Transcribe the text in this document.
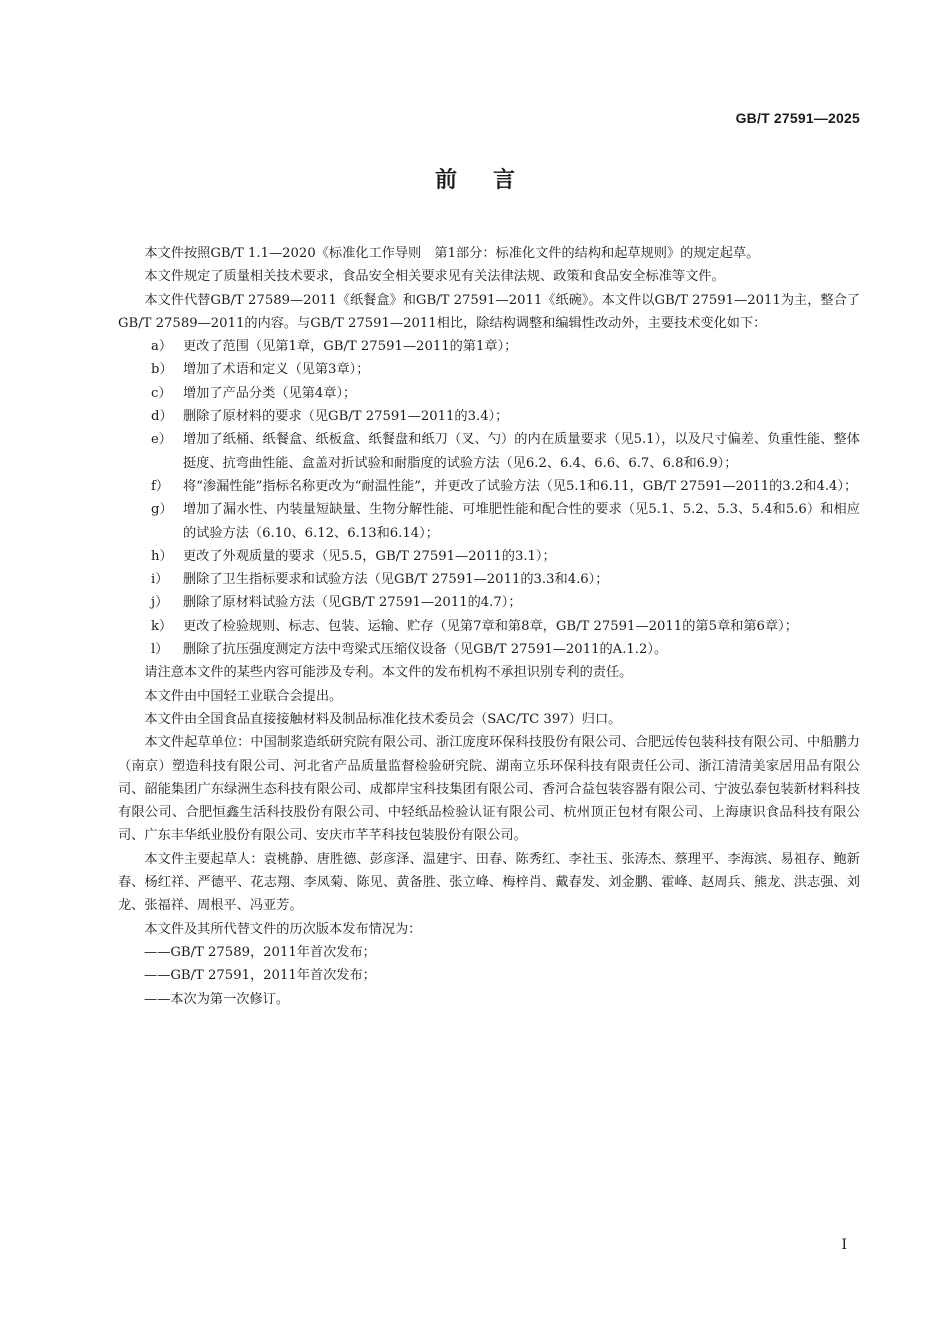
GB/T 27591—2025
前言

本文件按照GB/T 1.1—2020《标准化工作导则　第1部分：标准化文件的结构和起草规则》的规定起草。

本文件规定了质量相关技术要求，食品安全相关要求见有关法律法规、政策和食品安全标准等文件。

本文件代替GB/T 27589—2011《纸餐盒》和GB/T 27591—2011《纸碗》。本文件以GB/T 27591—2011为主，整合了GB/T 27589—2011的内容。与GB/T 27591—2011相比，除结构调整和编辑性改动外，主要技术变化如下：

a） 更改了范围（见第1章，GB/T 27591—2011的第1章）；
b） 增加了术语和定义（见第3章）；
c） 增加了产品分类（见第4章）；
d） 删除了原材料的要求（见GB/T 27591—2011的3.4）；
e） 增加了纸桶、纸餐盒、纸板盒、纸餐盘和纸刀（叉、勺）的内在质量要求（见5.1），以及尺寸偏差、负重性能、整体挺度、抗弯曲性能、盒盖对折试验和耐脂度的试验方法（见6.2、6.4、6.6、6.7、6.8和6.9）；
f）	将“渗漏性能”指标名称更改为“耐温性能”，并更改了试验方法（见5.1和6.11，GB/T 27591—2011的3.2和4.4）；
g） 增加了漏水性、内装量短缺量、生物分解性能、可堆肥性能和配合性的要求（见5.1、5.2、5.3、5.4和5.6）和相应的试验方法（6.10、6.12、6.13和6.14）；
h） 更改了外观质量的要求（见5.5，GB/T 27591—2011的3.1）；
i）	删除了卫生指标要求和试验方法（见GB/T 27591—2011的3.3和4.6）；
j）	删除了原材料试验方法（见GB/T 27591—2011的4.7）；
k） 更改了检验规则、标志、包装、运输、贮存（见第7章和第8章，GB/T 27591—2011的第5章和第6章）；
l）	删除了抗压强度测定方法中弯梁式压缩仪设备（见GB/T 27591—2011的A.1.2）。

请注意本文件的某些内容可能涉及专利。本文件的发布机构不承担识别专利的责任。

本文件由中国轻工业联合会提出。

本文件由全国食品直接接触材料及制品标准化技术委员会（SAC/TC 397）归口。

本文件起草单位：中国制浆造纸研究院有限公司、浙江庞度环保科技股份有限公司、合肥远传包装科技有限公司、中船鹏力（南京）塑造科技有限公司、河北省产品质量监督检验研究院、湖南立乐环保科技有限责任公司、浙江清清美家居用品有限公司、韶能集团广东绿洲生态科技有限公司、成都岸宝科技集团有限公司、香河合益包装容器有限公司、宁波弘泰包装新材料科技有限公司、合肥恒鑫生活科技股份有限公司、中轻纸品检验认证有限公司、杭州顶正包材有限公司、上海康识食品科技有限公司、广东丰华纸业股份有限公司、安庆市芊芊科技包装股份有限公司。

本文件主要起草人：袁桃静、唐胜德、彭彦泽、温建宇、田春、陈秀红、李社玉、张涛杰、蔡理平、李海滨、易祖存、鲍新春、杨红祥、严德平、花志翔、李凤菊、陈见、黄备胜、张立峰、梅梓肖、戴春发、刘金鹏、霍峰、赵周兵、熊龙、洪志强、刘龙、张福祥、周根平、冯亚芳。

本文件及其所代替文件的历次版本发布情况为：

——GB/T 27589，2011年首次发布；

——GB/T 27591，2011年首次发布；

——本次为第一次修订。

I
